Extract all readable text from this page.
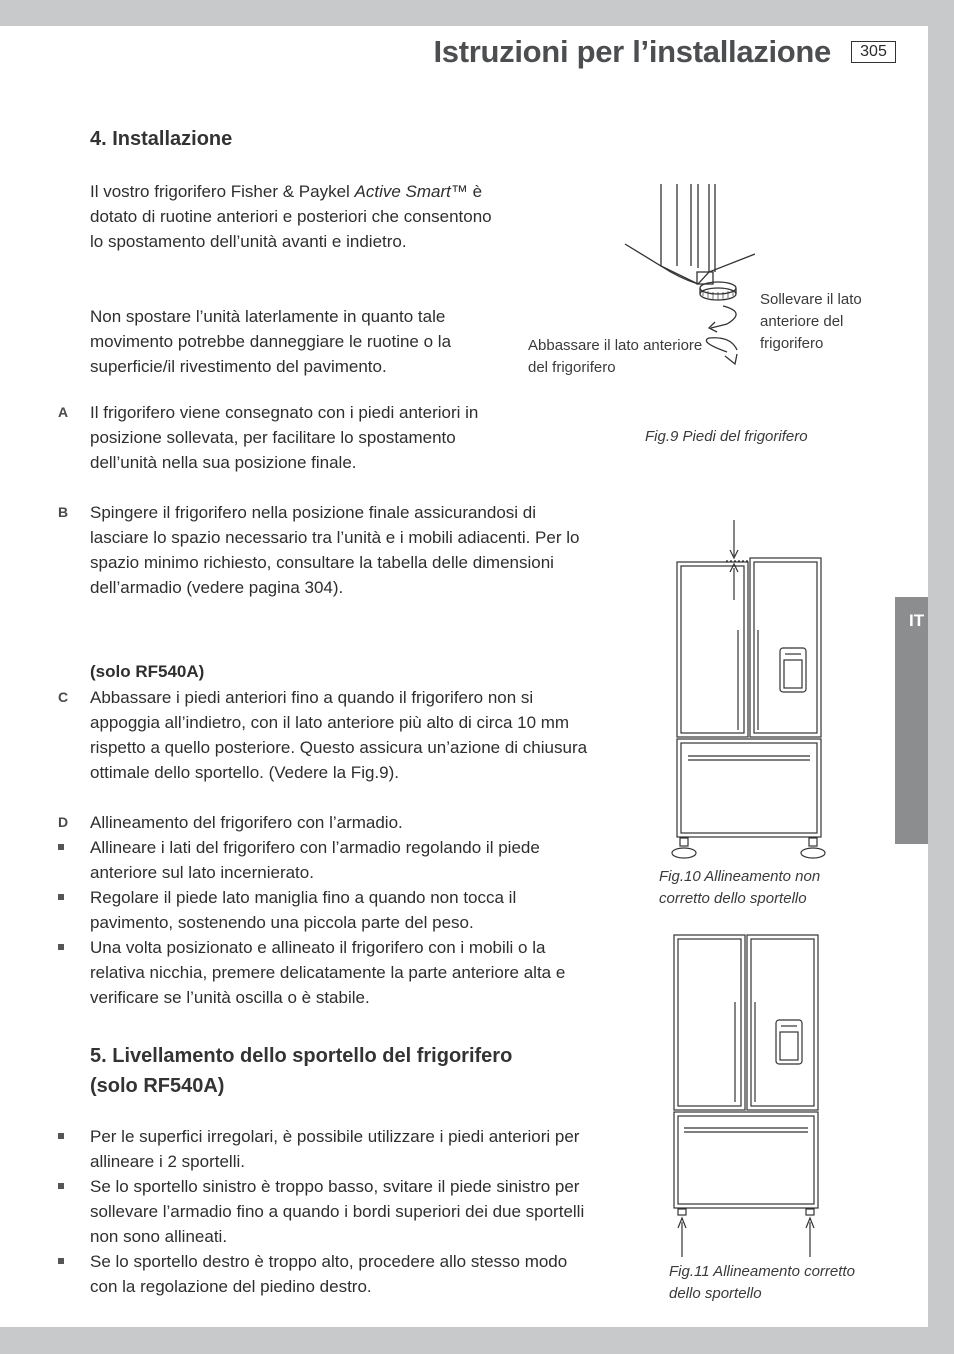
Istruzioni per l’installazione	305
IT
4. Installazione

Il vostro frigorifero Fisher & Paykel Active Smart™ è dotato di ruotine anteriori e posteriori che consentono lo spostamento dell’unità avanti e indietro.

Non spostare l’unità laterlamente in quanto tale movimento potrebbe danneggiare le ruotine o la superficie/il rivestimento del pavimento.

A Il frigorifero viene consegnato con i piedi anteriori in posizione sollevata, per facilitare lo spostamento dell’unità nella sua posizione finale.

B Spingere il frigorifero nella posizione finale assicurandosi di lasciare lo spazio necessario tra l’unità e i mobili adiacenti. Per lo spazio minimo richiesto, consultare la tabella delle dimensioni dell’armadio (vedere pagina 304).

(solo RF540A)

C Abbassare i piedi anteriori fino a quando il frigorifero non si appoggia all’indietro, con il lato anteriore più alto di circa 10 mm rispetto a quello posteriore. Questo assicura un’azione di chiusura ottimale dello sportello. (Vedere la Fig.9).

D Allineamento del frigorifero con l’armadio.

Allineare i lati del frigorifero con l’armadio regolando il piede anteriore sul lato incernierato.

Regolare il piede lato maniglia fino a quando non tocca il pavimento, sostenendo una piccola parte del peso.

Una volta posizionato e allineato il frigorifero con i mobili o la relativa nicchia, premere delicatamente la parte anteriore alta e verificare se l’unità oscilla o è stabile.

5. Livellamento dello sportello del frigorifero
(solo RF540A)

Per le superfici irregolari, è possibile utilizzare i piedi anteriori per allineare i 2 sportelli.

Se lo sportello sinistro è troppo basso, svitare il piede sinistro per sollevare l’armadio fino a quando i bordi superiori dei due sportelli non sono allineati.

Se lo sportello destro è troppo alto, procedere allo stesso modo con la regolazione del piedino destro.

Sollevare il lato anteriore del frigorifero
Abbassare il lato anteriore del frigorifero
Fig.9 Piedi del frigorifero
Fig.10 Allineamento non corretto dello sportello
Fig.11 Allineamento corretto dello sportello
